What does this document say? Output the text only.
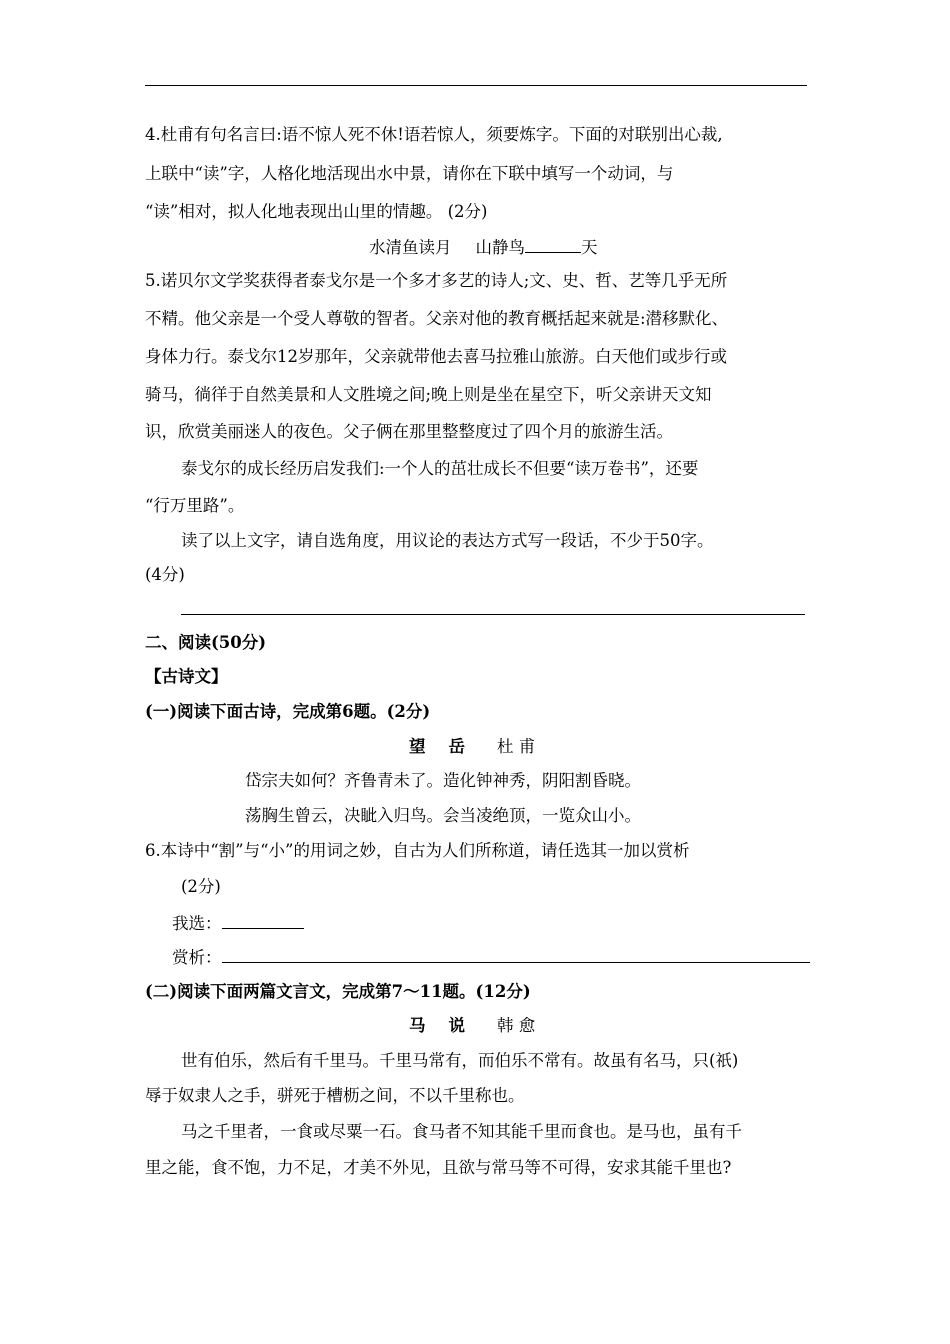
4.杜甫有句名言曰:语不惊人死不休!语若惊人，须要炼字。下面的对联别出心裁,
上联中“读”字，人格化地活现出水中景，请你在下联中填写一个动词，与
“读”相对，拟人化地表现出山里的情趣。 (2分)
水清鱼读月 山静鸟	天
5.诺贝尔文学奖获得者泰戈尔是一个多才多艺的诗人;文、史、哲、艺等几乎无所
不精。他父亲是一个受人尊敬的智者。父亲对他的教育概括起来就是:潜移默化、
身体力行。泰戈尔12岁那年，父亲就带他去喜马拉雅山旅游。白天他们或步行或
骑马，徜徉于自然美景和人文胜境之间;晚上则是坐在星空下，听父亲讲天文知
识，欣赏美丽迷人的夜色。父子俩在那里整整度过了四个月的旅游生活。
泰戈尔的成长经历启发我们:一个人的茁壮成长不但要“读万卷书”，还要
“行万里路”。
读了以上文字，请自选角度，用议论的表达方式写一段话，不少于50字。
(4分)
二、阅读(50分)
【古诗文】
(一)阅读下面古诗，完成第6题。(2分)
望    岳 杜 甫
岱宗夫如何？齐鲁青未了。造化钟神秀，阴阳割昏晓。
荡胸生曾云，决眦入归鸟。会当凌绝顶，一览众山小。
6.本诗中“割”与“小”的用词之妙，自古为人们所称道，请任选其一加以赏析
(2分)
我选：
赏析：
(二)阅读下面两篇文言文，完成第7～11题。(12分)
马    说 韩 愈
世有伯乐，然后有千里马。千里马常有，而伯乐不常有。故虽有名马，只(祇)
辱于奴隶人之手，骈死于槽枥之间，不以千里称也。
马之千里者，一食或尽粟一石。食马者不知其能千里而食也。是马也，虽有千
里之能，食不饱，力不足，才美不外见，且欲与常马等不可得，安求其能千里也?
